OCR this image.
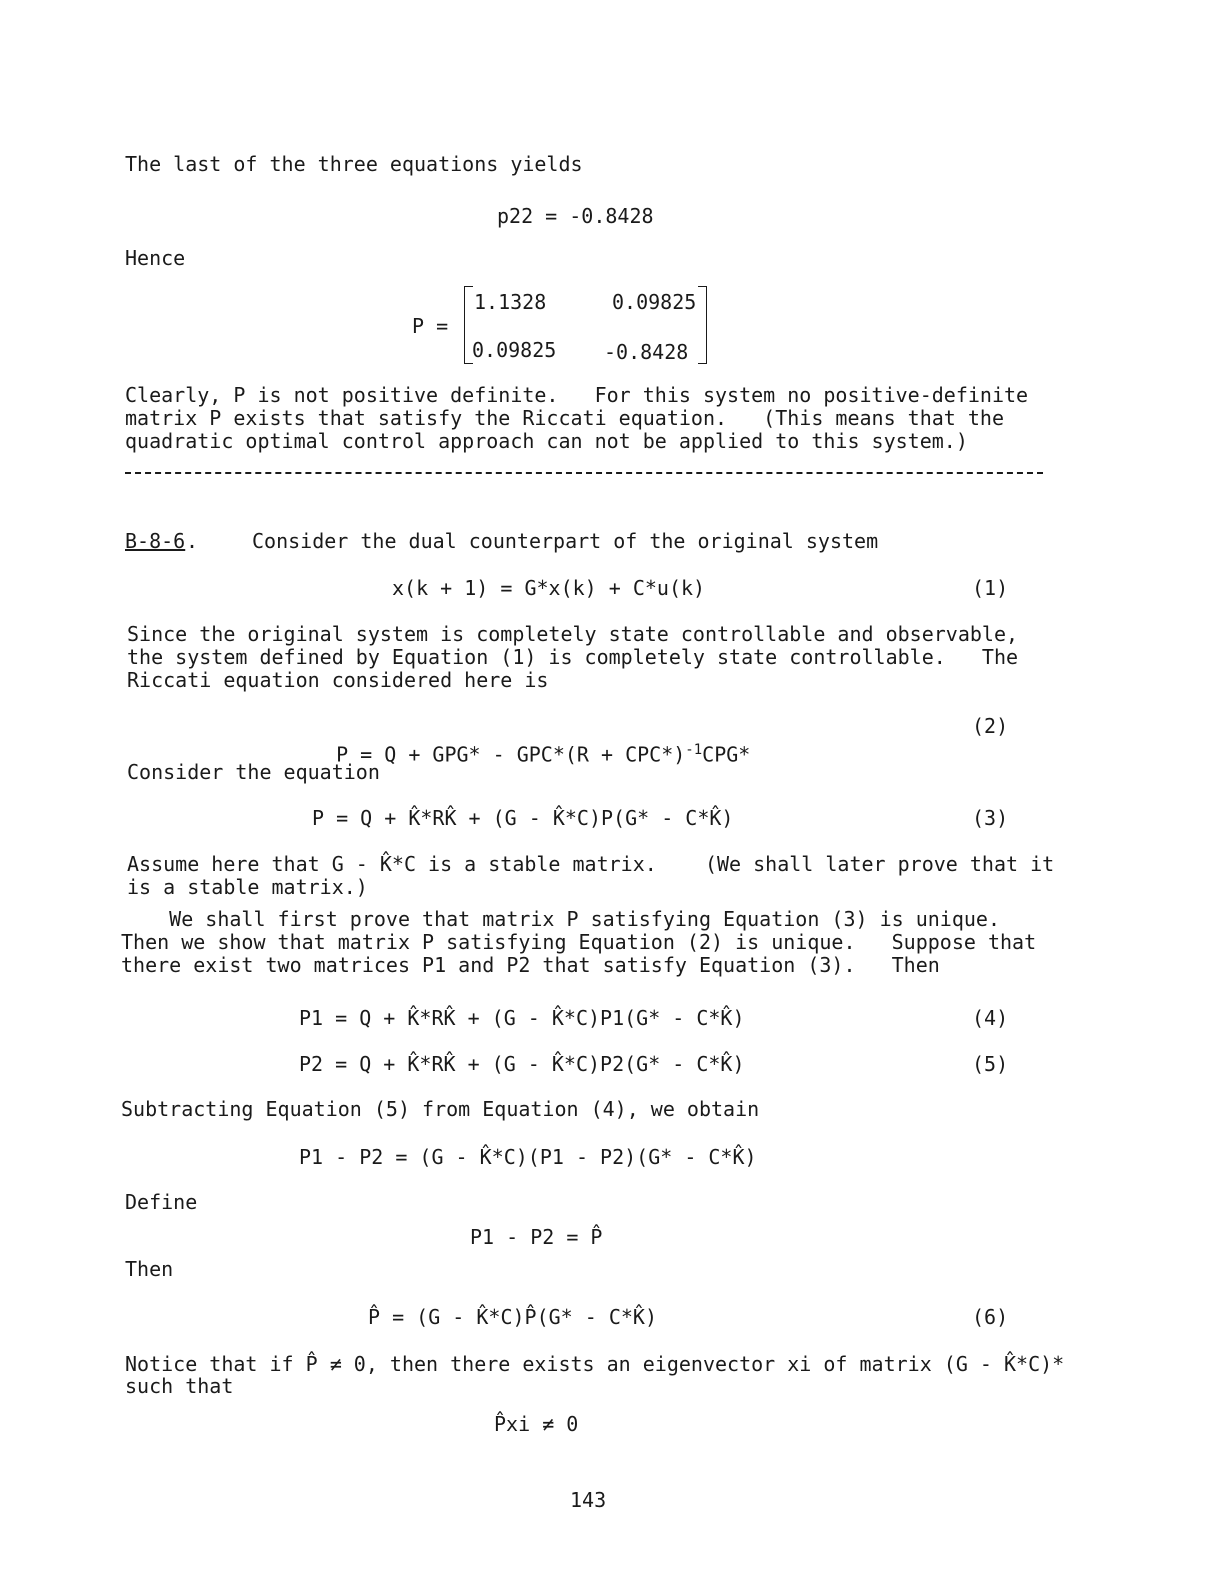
The last of the three equations yields
p22 = -0.8428
Hence
P =
1.1328	0.09825
0.09825 -0.8428
Clearly, P is not positive definite.   For this system no positive-definite
matrix P exists that satisfy the Riccati equation.   (This means that the
quadratic optimal control approach can not be applied to this system.)
B-8-6 .	Consider the dual counterpart of the original system
x(k + 1) = G*x(k) + C*u(k)	(1)
Since the original system is completely state controllable and observable,
the system defined by Equation (1) is completely state controllable.   The
Riccati equation considered here is

$P = Q + GPG* - GPC*(R + CPC*)^{-1}CPG*$

(2)
Consider the equation
P = Q + K̂*RK̂ + (G - K̂*C)P(G* - C*K̂)	(3)
Assume here that G - K̂*C is a stable matrix.    (We shall later prove that it
is a stable matrix.)
We shall first prove that matrix P satisfying Equation (3) is unique.
Then we show that matrix P satisfying Equation (2) is unique.   Suppose that
there exist two matrices P1 and P2 that satisfy Equation (3).   Then
P1 = Q + K̂*RK̂ + (G - K̂*C)P1(G* - C*K̂)	(4)
P2 = Q + K̂*RK̂ + (G - K̂*C)P2(G* - C*K̂)	(5)
Subtracting Equation (5) from Equation (4), we obtain
P1 - P2 = (G - K̂*C)(P1 - P2)(G* - C*K̂)
Define
P1 - P2 = P̂
Then
P̂ = (G - K̂*C)P̂(G* - C*K̂)	(6)
Notice that if P̂ ≠ 0, then there exists an eigenvector xi of matrix (G - K̂*C)*
such that
P̂xi ≠ 0
143
